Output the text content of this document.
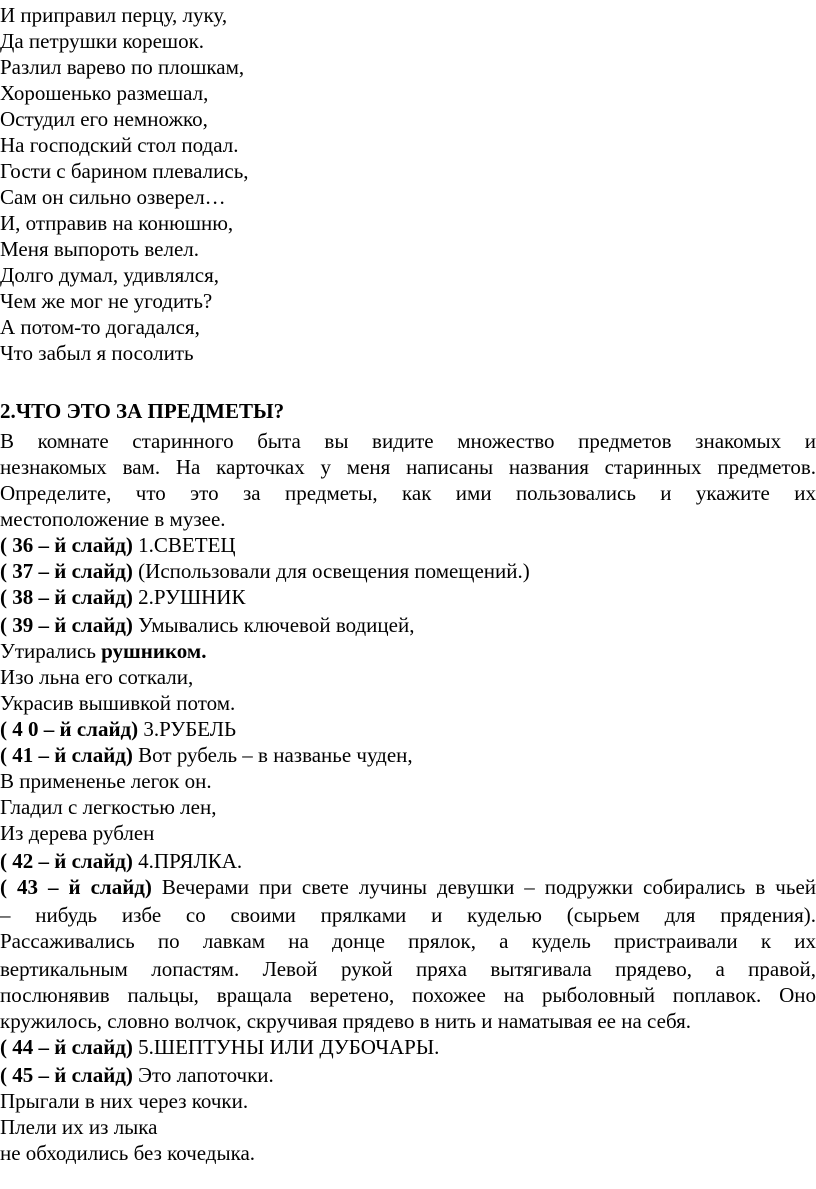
И приправил перцу, луку,
Да петрушки корешок.
Разлил варево по плошкам,
Хорошенько размешал,
Остудил его немножко,
На господский стол подал.
Гости с барином плевались,
Сам он сильно озверел…
И, отправив на конюшню,
Меня выпороть велел.
Долго думал, удивлялся,
Чем же мог не угодить?
А потом-то догадался,
Что забыл я посолить
2.ЧТО ЭТО ЗА ПРЕДМЕТЫ?
В комнате старинного быта вы видите множество предметов знакомых и
незнакомых вам. На карточках у меня написаны названия старинных предметов.
Определите, что это за предметы, как ими пользовались и укажите их
местоположение в музее.
( 36 – й слайд) 1.СВЕТЕЦ
( 37 – й слайд) (Использовали для освещения помещений.)
( 38 – й слайд) 2.РУШНИК
( 39 – й слайд) Умывались ключевой водицей,
Утирались рушником.
Изо льна его соткали,
Украсив вышивкой потом.
( 4 0 – й слайд) 3.РУБЕЛЬ
( 41 – й слайд) Вот рубель – в названье чуден,
В примененье легок он.
Гладил с легкостью лен,
Из дерева рублен
( 42 – й слайд) 4.ПРЯЛКА.
( 43 – й слайд) Вечерами при свете лучины девушки – подружки собирались в чьей
– нибудь избе со своими прялками и куделью (сырьем для прядения).
Рассаживались по лавкам на донце прялок, а кудель пристраивали к их
вертикальным лопастям. Левой рукой пряха вытягивала прядево, а правой,
послюнявив пальцы, вращала веретено, похожее на рыболовный поплавок. Оно
кружилось, словно волчок, скручивая прядево в нить и наматывая ее на себя.
( 44 – й слайд) 5.ШЕПТУНЫ ИЛИ ДУБОЧАРЫ.
( 45 – й слайд) Это лапоточки.
Прыгали в них через кочки.
Плели их из лыка
не обходились без кочедыка.
